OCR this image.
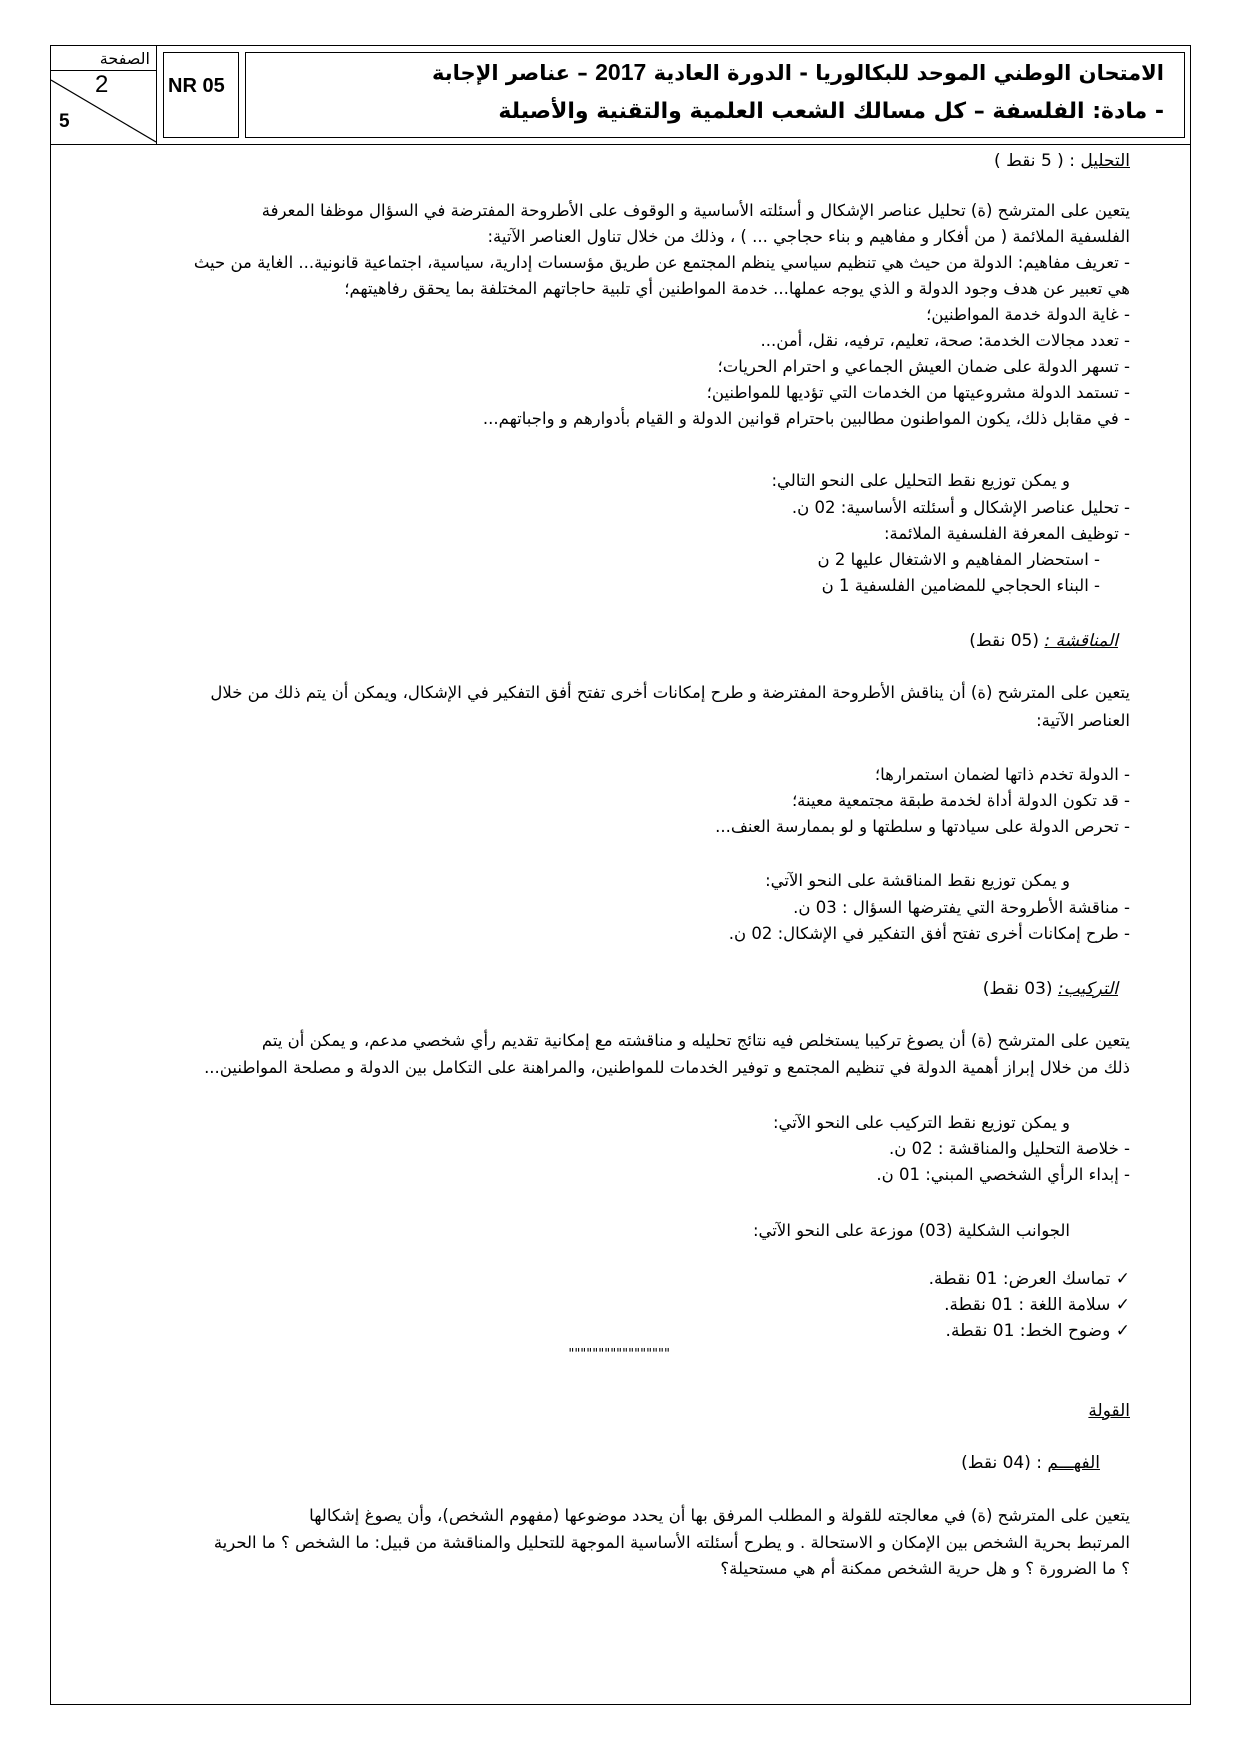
الصفحة
2
5
NR 05
الامتحان الوطني الموحد للبكالوريا - الدورة العادية 2017 – عناصر الإجابة
- مادة: الفلسفة – كل مسالك الشعب العلمية والتقنية والأصيلة
التحليل : ( 5 نقط )
يتعين على المترشح (ة) تحليل عناصر الإشكال و أسئلته الأساسية و الوقوف على الأطروحة المفترضة في السؤال موظفا المعرفة
الفلسفية الملائمة ( من أفكار و مفاهيم و بناء حجاجي ... ) ، وذلك من خلال تناول العناصر الآتية:
- تعريف مفاهيم: الدولة من حيث هي تنظيم سياسي ينظم المجتمع عن طريق مؤسسات إدارية، سياسية، اجتماعية قانونية... الغاية من حيث
هي تعبير عن هدف وجود الدولة و الذي يوجه عملها... خدمة المواطنين أي تلبية حاجاتهم المختلفة بما يحقق رفاهيتهم؛
- غاية الدولة خدمة المواطنين؛
- تعدد مجالات الخدمة: صحة، تعليم، ترفيه، نقل، أمن...
- تسهر الدولة على ضمان العيش الجماعي و احترام الحريات؛
- تستمد الدولة مشروعيتها من الخدمات التي تؤديها للمواطنين؛
- في مقابل ذلك، يكون المواطنون مطالبين باحترام قوانين الدولة و القيام بأدوارهم و واجباتهم...
و يمكن توزيع نقط التحليل على النحو التالي:
- تحليل عناصر الإشكال و أسئلته الأساسية: 02 ن.
- توظيف المعرفة الفلسفية الملائمة:
- استحضار المفاهيم و الاشتغال عليها 2 ن
- البناء الحجاجي للمضامين الفلسفية 1 ن
المناقشة : (05 نقط)
يتعين على المترشح (ة) أن يناقش الأطروحة المفترضة و طرح إمكانات أخرى تفتح أفق التفكير في الإشكال، ويمكن أن يتم ذلك من خلال
العناصر الآتية:
- الدولة تخدم ذاتها لضمان استمرارها؛
- قد تكون الدولة أداة لخدمة طبقة مجتمعية معينة؛
- تحرص الدولة على سيادتها و سلطتها و لو بممارسة العنف...
و يمكن توزيع نقط المناقشة على النحو الآتي:
- مناقشة الأطروحة التي يفترضها السؤال : 03 ن.
- طرح إمكانات أخرى تفتح أفق التفكير في الإشكال: 02 ن.
التركيب: (03 نقط)
يتعين على المترشح (ة) أن يصوغ تركيبا يستخلص فيه نتائج تحليله و مناقشته مع إمكانية تقديم رأي شخصي مدعم، و يمكن أن يتم
ذلك من خلال إبراز أهمية الدولة في تنظيم المجتمع و توفير الخدمات للمواطنين، والمراهنة على التكامل بين الدولة و مصلحة المواطنين...
و يمكن توزيع نقط التركيب على النحو الآتي:
- خلاصة التحليل والمناقشة : 02 ن.
- إبداء الرأي الشخصي المبني: 01 ن.
الجوانب الشكلية (03) موزعة على النحو الآتي:
✓ تماسك العرض: 01 نقطة.
✓ سلامة اللغة : 01 نقطة.
✓ وضوح الخط: 01 نقطة.
"""""""""""""""""
القولة
الفهـــم : (04 نقط)
يتعين على المترشح (ة) في معالجته للقولة و المطلب المرفق بها أن يحدد موضوعها (مفهوم الشخص)، وأن يصوغ إشكالها
المرتبط بحرية الشخص بين الإمكان و الاستحالة . و يطرح أسئلته الأساسية الموجهة للتحليل والمناقشة من قبيل: ما الشخص ؟ ما الحرية
؟ ما الضرورة ؟ و هل حرية الشخص ممكنة أم هي مستحيلة؟
